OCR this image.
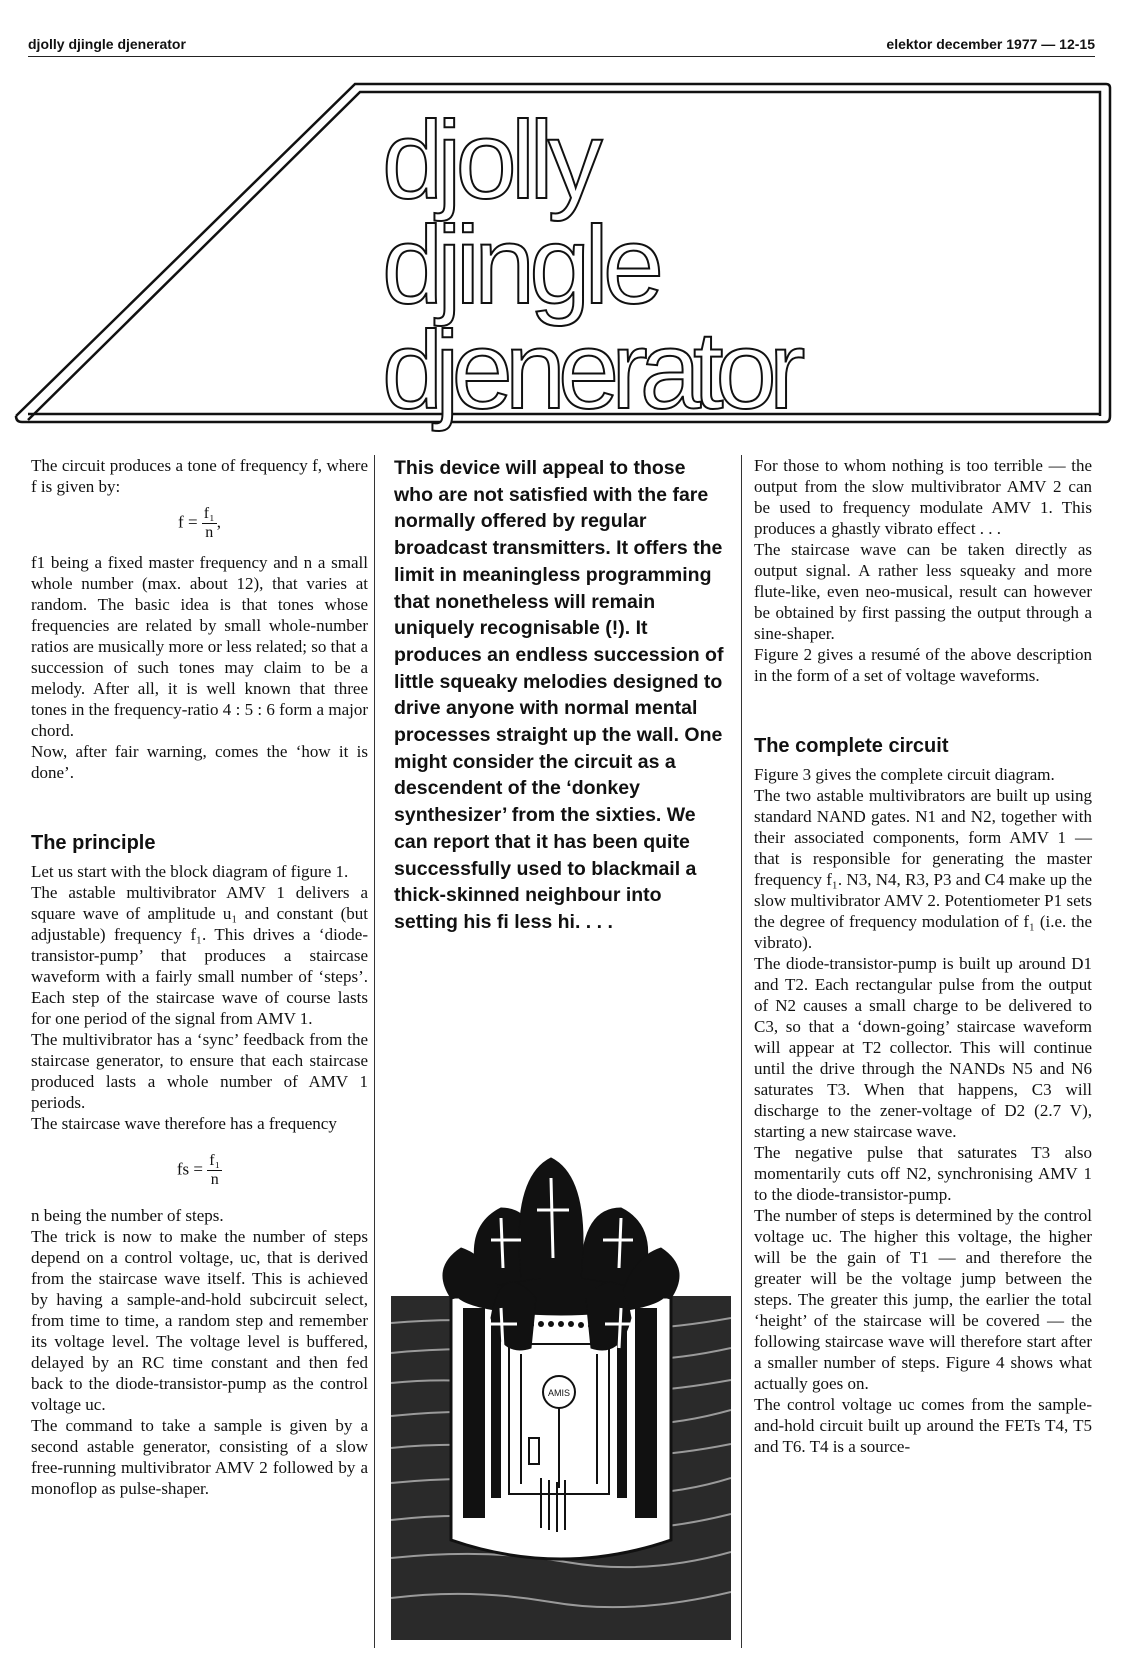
djolly djingle djenerator	elektor december 1977 — 12-15
djolly
djingle
djenerator

The circuit produces a tone of frequency f, where f is given by:

$f = \frac{\text{f₁}}{n}$ ,

f1 being a fixed master frequency and n a small whole number (max. about 12), that varies at random. The basic idea is that tones whose frequencies are related by small whole-number ratios are musically more or less related; so that a succession of such tones may claim to be a melody. After all, it is well known that three tones in the frequency-ratio 4 : 5 : 6 form a major chord.

Now, after fair warning, comes the ‘how it is done’.

The principle

Let us start with the block diagram of figure 1.

The astable multivibrator AMV 1 delivers a square wave of amplitude u₁ and constant (but adjustable) frequency f₁. This drives a ‘diode-transistor-pump’ that produces a staircase waveform with a fairly small number of ‘steps’. Each step of the staircase wave of course lasts for one period of the signal from AMV 1.

The multivibrator has a ‘sync’ feedback from the staircase generator, to ensure that each staircase produced lasts a whole number of AMV 1 periods.

The staircase wave therefore has a frequency

fs = $\frac{\text{f₁}}{n}$

n being the number of steps.

The trick is now to make the number of steps depend on a control voltage, uc, that is derived from the staircase wave itself. This is achieved by having a sample-and-hold subcircuit select, from time to time, a random step and remember its voltage level. The voltage level is buffered, delayed by an RC time constant and then fed back to the diode-transistor-pump as the control voltage uc.

The command to take a sample is given by a second astable generator, consisting of a slow free-running multivibrator AMV 2 followed by a monoflop as pulse-shaper.

This device will appeal to those who are not satisfied with the fare normally offered by regular broadcast transmitters. It offers the limit in meaningless programming that nonetheless will remain uniquely recognisable (!). It produces an endless succession of little squeaky melodies designed to drive anyone with normal mental processes straight up the wall. One might consider the circuit as a descendent of the ‘donkey synthesizer’ from the sixties. We can report that it has been quite successfully used to blackmail a thick-skinned neighbour into setting his fi less hi. . . .

AMIS

For those to whom nothing is too terrible — the output from the slow multivibrator AMV 2 can be used to frequency modulate AMV 1. This produces a ghastly vibrato effect . . .

The staircase wave can be taken directly as output signal. A rather less squeaky and more flute-like, even neo-musical, result can however be obtained by first passing the output through a sine-shaper.

Figure 2 gives a resumé of the above description in the form of a set of voltage waveforms.

The complete circuit

Figure 3 gives the complete circuit diagram.

The two astable multivibrators are built up using standard NAND gates. N1 and N2, together with their associated components, form AMV 1 — that is responsible for generating the master frequency f₁. N3, N4, R3, P3 and C4 make up the slow multivibrator AMV 2. Potentiometer P1 sets the degree of frequency modulation of f₁ (i.e. the vibrato).

The diode-transistor-pump is built up around D1 and T2. Each rectangular pulse from the output of N2 causes a small charge to be delivered to C3, so that a ‘down-going’ staircase waveform will appear at T2 collector. This will continue until the drive through the NANDs N5 and N6 saturates T3. When that happens, C3 will discharge to the zener-voltage of D2 (2.7 V), starting a new staircase wave.

The negative pulse that saturates T3 also momentarily cuts off N2, synchronising AMV 1 to the diode-transistor-pump.

The number of steps is determined by the control voltage uc. The higher this voltage, the higher will be the gain of T1 — and therefore the greater will be the voltage jump between the steps. The greater this jump, the earlier the total ‘height’ of the staircase will be covered — the following staircase wave will therefore start after a smaller number of steps. Figure 4 shows what actually goes on.

The control voltage uc comes from the sample-and-hold circuit built up around the FETs T4, T5 and T6. T4 is a source-
